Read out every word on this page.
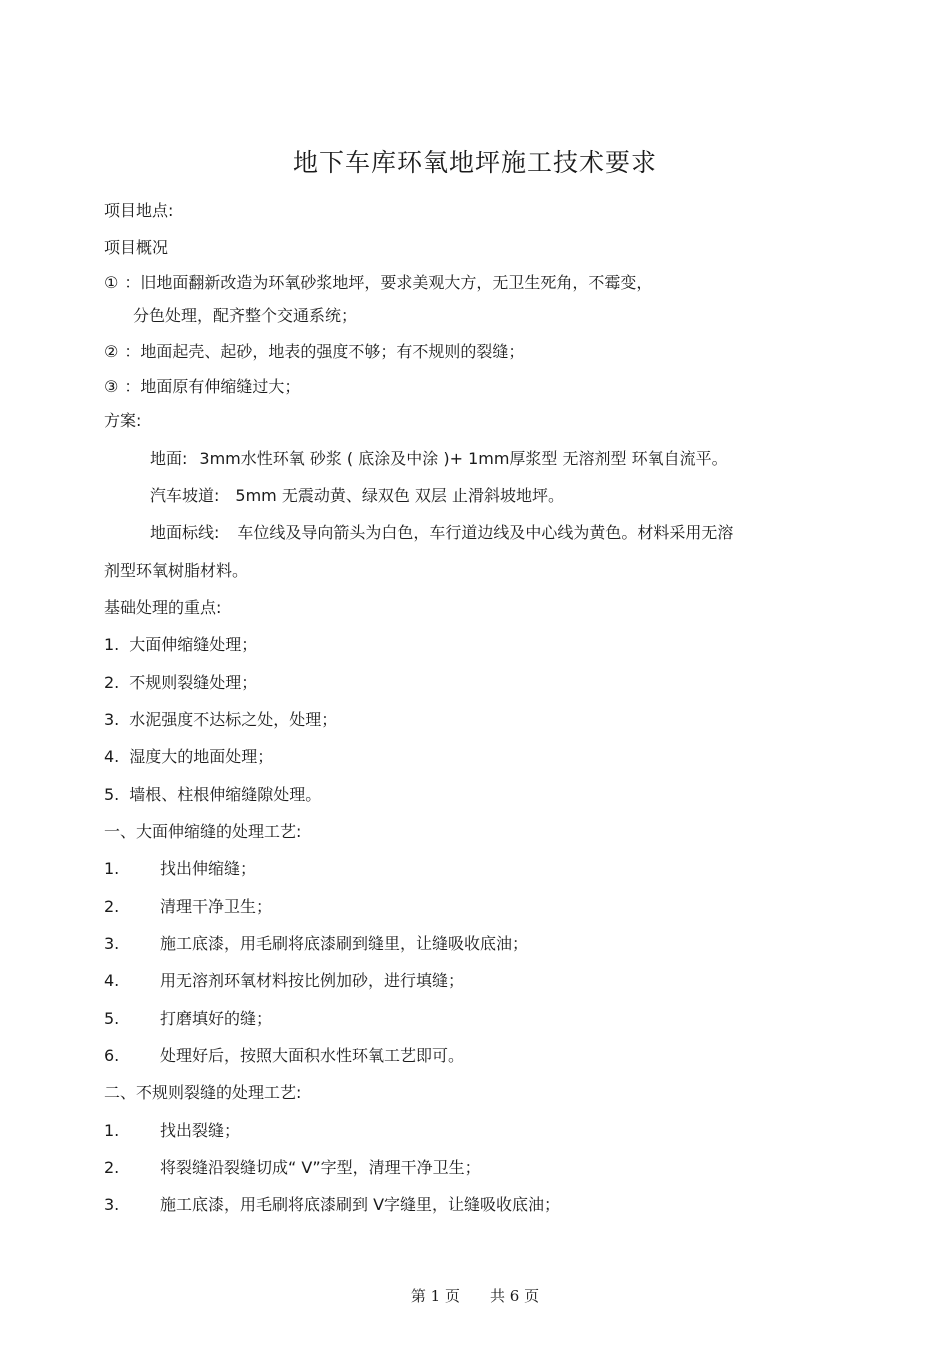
地下车库环氧地坪施工技术要求
项目地点:
项目概况
① ：旧地面翻新改造为环氧砂浆地坪，要求美观大方，无卫生死角，不霉变，
分色处理，配齐整个交通系统；
② ：地面起壳、起砂，地表的强度不够；有不规则的裂缝；
③ ：地面原有伸缩缝过大；
方案:
地面: 3mm水性环氧 砂浆 ( 底涂及中涂 )+ 1mm厚浆型 无溶剂型 环氧自流平。
汽车坡道: 5mm 无震动黄、绿双色 双层 止滑斜坡地坪。
地面标线: 车位线及导向箭头为白色，车行道边线及中心线为黄色。材料采用无溶
剂型环氧树脂材料。
基础处理的重点:
1. 大面伸缩缝处理；
2. 不规则裂缝处理；
3. 水泥强度不达标之处，处理；
4. 湿度大的地面处理；
5. 墙根、柱根伸缩缝隙处理。
一、大面伸缩缝的处理工艺:
1.	找出伸缩缝；
2.	清理干净卫生；
3.	施工底漆，用毛刷将底漆刷到缝里，让缝吸收底油；
4.	用无溶剂环氧材料按比例加砂，进行填缝；
5.	打磨填好的缝；
6.	处理好后，按照大面积水性环氧工艺即可。
二、不规则裂缝的处理工艺:
1.	找出裂缝；
2.	将裂缝沿裂缝切成“ V”字型，清理干净卫生；
3.	施工底漆，用毛刷将底漆刷到 V字缝里，让缝吸收底油；
第 1 页 共 6 页
